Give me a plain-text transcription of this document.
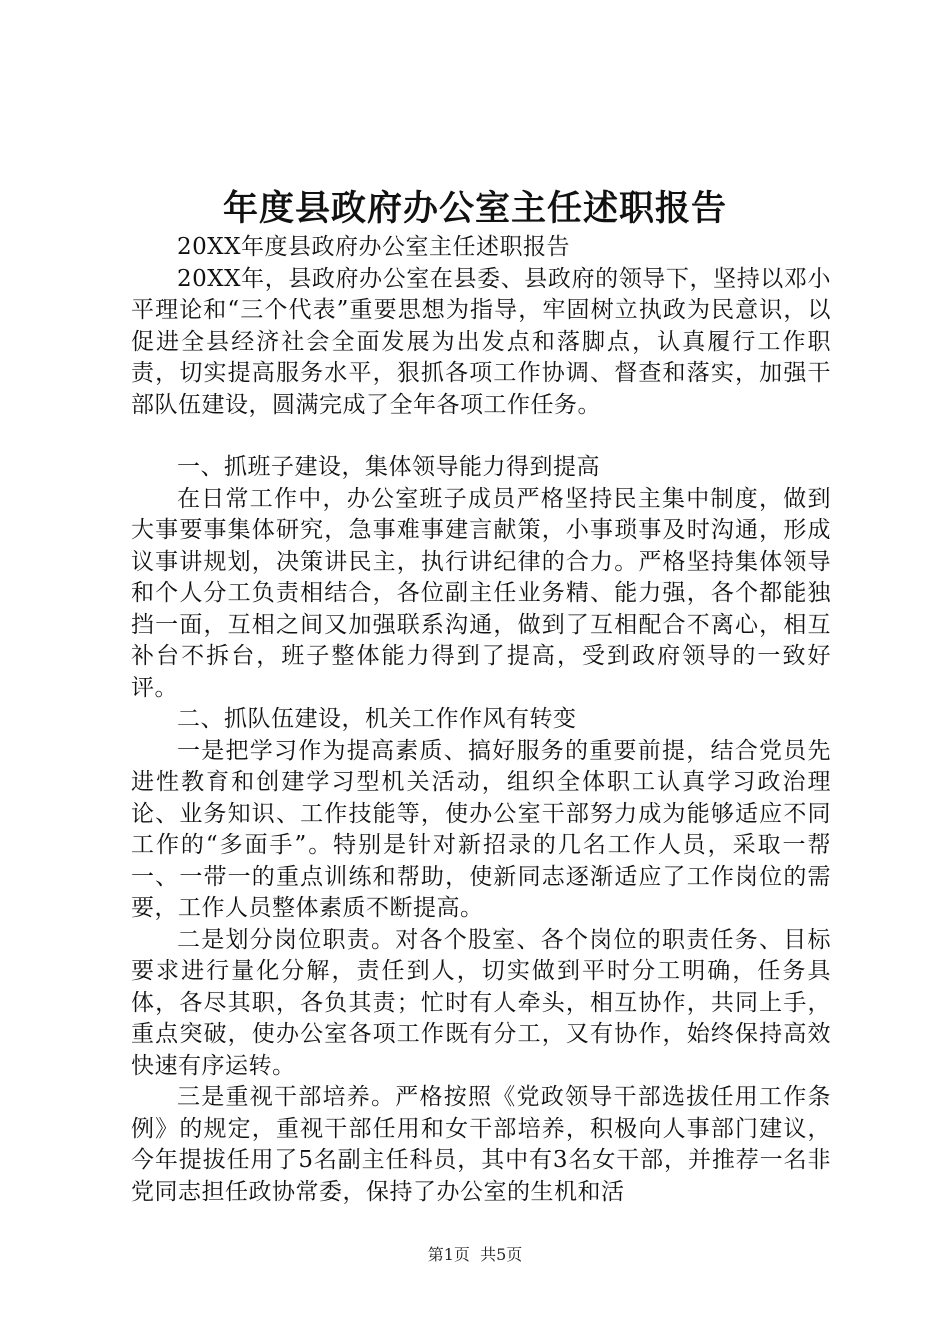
年度县政府办公室主任述职报告

20XX年度县政府办公室主任述职报告

20XX年，县政府办公室在县委、县政府的领导下，坚持以邓小平理论和“三个代表”重要思想为指导，牢固树立执政为民意识，以促进全县经济社会全面发展为出发点和落脚点，认真履行工作职责，切实提高服务水平，狠抓各项工作协调、督查和落实，加强干部队伍建设，圆满完成了全年各项工作任务。

一、抓班子建设，集体领导能力得到提高

在日常工作中，办公室班子成员严格坚持民主集中制度，做到大事要事集体研究，急事难事建言献策，小事琐事及时沟通，形成议事讲规划，决策讲民主，执行讲纪律的合力。严格坚持集体领导和个人分工负责相结合，各位副主任业务精、能力强，各个都能独挡一面，互相之间又加强联系沟通，做到了互相配合不离心，相互补台不拆台，班子整体能力得到了提高，受到政府领导的一致好评。

二、抓队伍建设，机关工作作风有转变

一是把学习作为提高素质、搞好服务的重要前提，结合党员先进性教育和创建学习型机关活动，组织全体职工认真学习政治理论、业务知识、工作技能等，使办公室干部努力成为能够适应不同工作的“多面手”。特别是针对新招录的几名工作人员，采取一帮一、一带一的重点训练和帮助，使新同志逐渐适应了工作岗位的需要，工作人员整体素质不断提高。

二是划分岗位职责。对各个股室、各个岗位的职责任务、目标要求进行量化分解，责任到人，切实做到平时分工明确，任务具体，各尽其职，各负其责；忙时有人牵头，相互协作，共同上手，重点突破，使办公室各项工作既有分工，又有协作，始终保持高效快速有序运转。

三是重视干部培养。严格按照《党政领导干部选拔任用工作条例》的规定，重视干部任用和女干部培养，积极向人事部门建议，今年提拔任用了5名副主任科员，其中有3名女干部，并推荐一名非党同志担任政协常委，保持了办公室的生机和活

第1页 共5页
